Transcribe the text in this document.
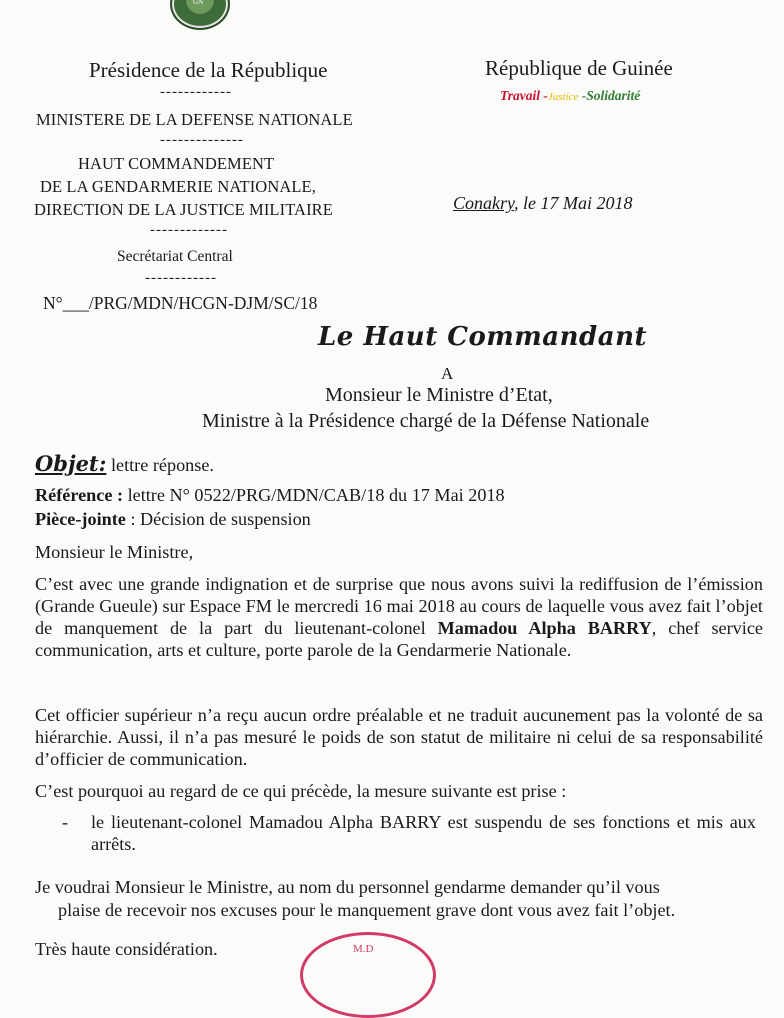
GN
Présidence de la République
------------
MINISTERE DE LA DEFENSE NATIONALE
--------------
HAUT COMMANDEMENT
DE LA GENDARMERIE NATIONALE,
DIRECTION DE LA JUSTICE MILITAIRE
-------------
Secrétariat Central
------------
N°___/PRG/MDN/HCGN-DJM/SC/18
République de Guinée
Travail -Justice -Solidarité
Conakry, le 17 Mai 2018
Le Haut Commandant
A
Monsieur le Ministre d’Etat,
Ministre à la Présidence chargé de la Défense Nationale
Objet: lettre réponse.
Référence : lettre N° 0522/PRG/MDN/CAB/18 du 17 Mai 2018
Pièce-jointe : Décision de suspension
Monsieur le Ministre,
C’est avec une grande indignation et de surprise que nous avons suivi la rediffusion de l’émission (Grande Gueule) sur Espace FM le mercredi 16 mai 2018 au cours de laquelle vous avez fait l’objet de manquement de la part du lieutenant-colonel Mamadou Alpha BARRY, chef service communication, arts et culture, porte parole de la Gendarmerie Nationale.
Cet officier supérieur n’a reçu aucun ordre préalable et ne traduit aucunement pas la volonté de sa hiérarchie. Aussi, il n’a pas mesuré le poids de son statut de militaire ni celui de sa responsabilité d’officier de communication.
C’est pourquoi au regard de ce qui précède, la mesure suivante est prise :
- le lieutenant-colonel Mamadou Alpha BARRY est suspendu de ses fonctions et mis aux arrêts.
Je voudrai Monsieur le Ministre, au nom du personnel gendarme demander qu’il vous
plaise de recevoir nos excuses pour le manquement grave dont vous avez fait l’objet.
Très haute considération.	M.D
